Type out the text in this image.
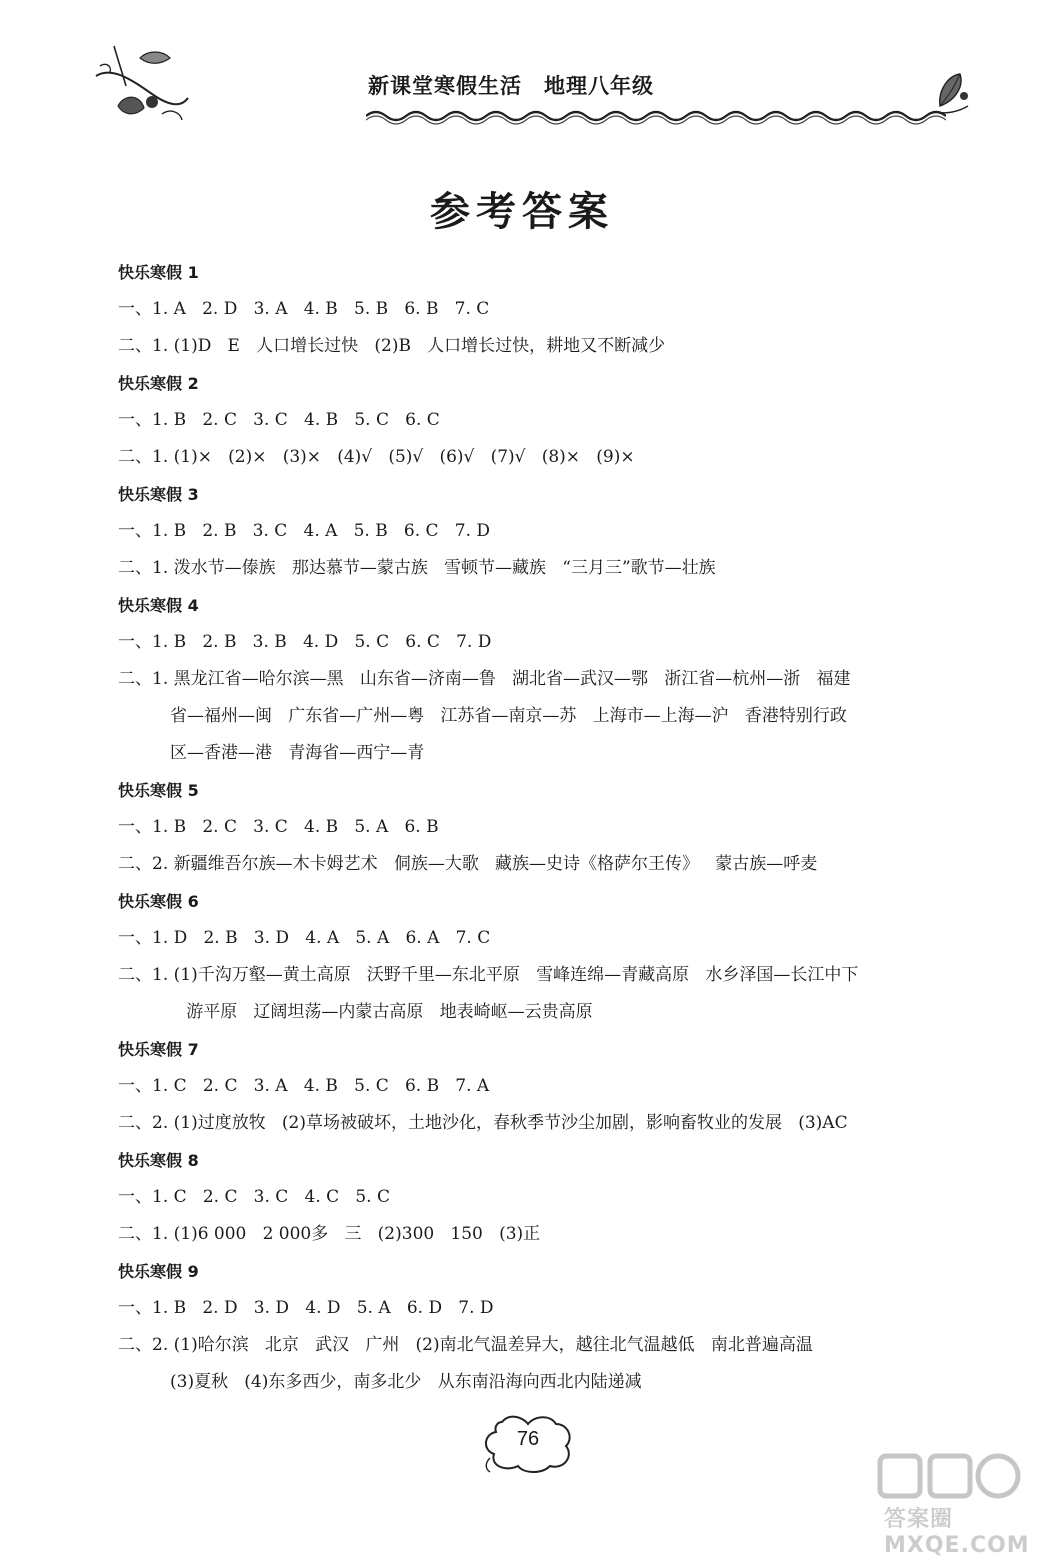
新课堂寒假生活 地理八年级
参考答案
快乐寒假 1
一、1. A   2. D   3. A   4. B   5. B   6. B   7. C
二、1. (1)D   E   人口增长过快   (2)B   人口增长过快，耕地又不断减少
快乐寒假 2
一、1. B   2. C   3. C   4. B   5. C   6. C
二、1. (1)×   (2)×   (3)×   (4)√   (5)√   (6)√   (7)√   (8)×   (9)×
快乐寒假 3
一、1. B   2. B   3. C   4. A   5. B   6. C   7. D
二、1. 泼水节—傣族   那达慕节—蒙古族   雪顿节—藏族   “三月三”歌节—壮族
快乐寒假 4
一、1. B   2. B   3. B   4. D   5. C   6. C   7. D
二、1. 黑龙江省—哈尔滨—黑   山东省—济南—鲁   湖北省—武汉—鄂   浙江省—杭州—浙   福建
省—福州—闽   广东省—广州—粤   江苏省—南京—苏   上海市—上海—沪   香港特别行政
区—香港—港   青海省—西宁—青
快乐寒假 5
一、1. B   2. C   3. C   4. B   5. A   6. B
二、2. 新疆维吾尔族—木卡姆艺术   侗族—大歌   藏族—史诗《格萨尔王传》   蒙古族—呼麦
快乐寒假 6
一、1. D   2. B   3. D   4. A   5. A   6. A   7. C
二、1. (1)千沟万壑—黄土高原   沃野千里—东北平原   雪峰连绵—青藏高原   水乡泽国—长江中下
游平原   辽阔坦荡—内蒙古高原   地表崎岖—云贵高原
快乐寒假 7
一、1. C   2. C   3. A   4. B   5. C   6. B   7. A
二、2. (1)过度放牧   (2)草场被破坏，土地沙化，春秋季节沙尘加剧，影响畜牧业的发展   (3)AC
快乐寒假 8
一、1. C   2. C   3. C   4. C   5. C
二、1. (1)6 000   2 000多   三   (2)300   150   (3)正
快乐寒假 9
一、1. B   2. D   3. D   4. D   5. A   6. D   7. D
二、2. (1)哈尔滨   北京   武汉   广州   (2)南北气温差异大，越往北气温越低   南北普遍高温
(3)夏秋   (4)东多西少，南多北少   从东南沿海向西北内陆递减
76
答案圈 MXQE.COM
